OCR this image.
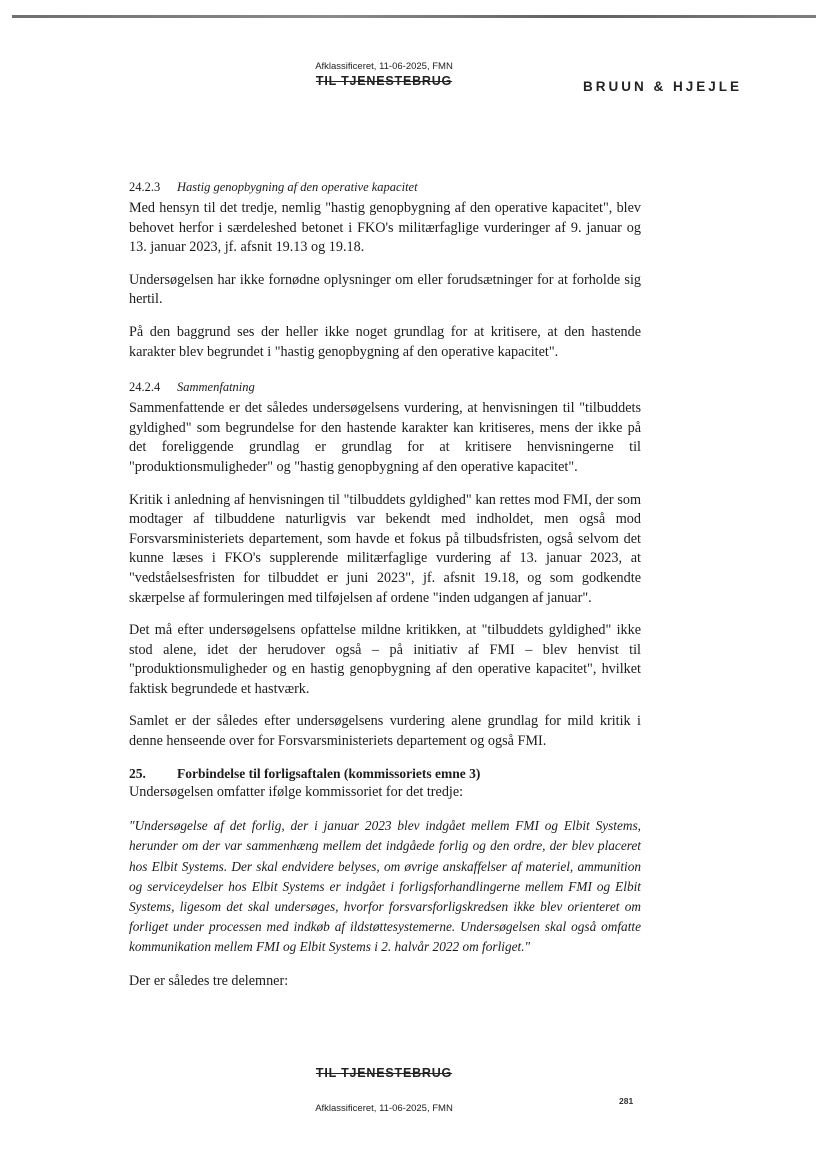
Afklassificeret, 11-06-2025, FMN
TIL TJENESTEBRUG	BRUUN & HJEJLE
24.2.3 Hastig genopbygning af den operative kapacitet

Med hensyn til det tredje, nemlig "hastig genopbygning af den operative kapacitet", blev behovet herfor i særdeleshed betonet i FKO's militærfaglige vurderinger af 9. januar og 13. januar 2023, jf. afsnit 19.13 og 19.18.

Undersøgelsen har ikke fornødne oplysninger om eller forudsætninger for at forholde sig hertil.

På den baggrund ses der heller ikke noget grundlag for at kritisere, at den hastende karakter blev begrundet i "hastig genopbygning af den operative kapacitet".

24.2.4 Sammenfatning

Sammenfattende er det således undersøgelsens vurdering, at henvisningen til "tilbuddets gyldighed" som begrundelse for den hastende karakter kan kritiseres, mens der ikke på det foreliggende grundlag er grundlag for at kritisere henvisningerne til "produktionsmuligheder" og "hastig genopbygning af den operative kapacitet".

Kritik i anledning af henvisningen til "tilbuddets gyldighed" kan rettes mod FMI, der som modtager af tilbuddene naturligvis var bekendt med indholdet, men også mod Forsvarsministeriets departement, som havde et fokus på tilbudsfristen, også selvom det kunne læses i FKO's supplerende militærfaglige vurdering af 13. januar 2023, at "vedståelsesfristen for tilbuddet er juni 2023", jf. afsnit 19.18, og som godkendte skærpelse af formuleringen med tilføjelsen af ordene "inden udgangen af januar".

Det må efter undersøgelsens opfattelse mildne kritikken, at "tilbuddets gyldighed" ikke stod alene, idet der herudover også – på initiativ af FMI – blev henvist til "produktionsmuligheder og en hastig genopbygning af den operative kapacitet", hvilket faktisk begrundede et hastværk.

Samlet er der således efter undersøgelsens vurdering alene grundlag for mild kritik i denne henseende over for Forsvarsministeriets departement og også FMI.

25. Forbindelse til forligsaftalen (kommissoriets emne 3)

Undersøgelsen omfatter ifølge kommissoriet for det tredje:

"Undersøgelse af det forlig, der i januar 2023 blev indgået mellem FMI og Elbit Systems, herunder om der var sammenhæng mellem det indgåede forlig og den ordre, der blev placeret hos Elbit Systems. Der skal endvidere belyses, om øvrige anskaffelser af materiel, ammunition og serviceydelser hos Elbit Systems er indgået i forligsforhandlingerne mellem FMI og Elbit Systems, ligesom det skal undersøges, hvorfor forsvarsforligskredsen ikke blev orienteret om forliget under processen med indkøb af ildstøttesystemerne. Undersøgelsen skal også omfatte kommunikation mellem FMI og Elbit Systems i 2. halvår 2022 om forliget."

Der er således tre delemner:

TIL TJENESTEBRUG
281
Afklassificeret, 11-06-2025, FMN
